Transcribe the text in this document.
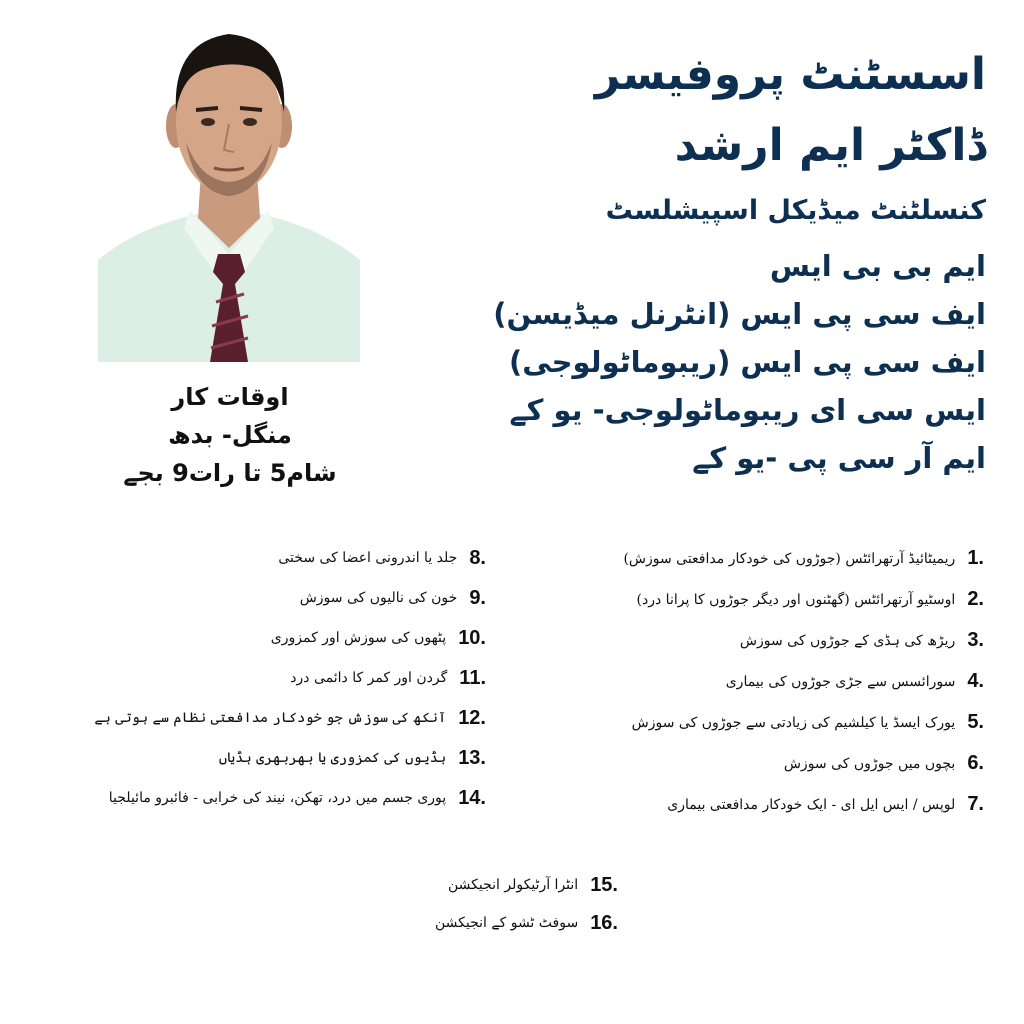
اوقات کار
منگل- بدھ
شام5 تا رات9 بجے
اسسٹنٹ پروفیسر
ڈاکٹر ایم ارشد
کنسلٹنٹ میڈیکل اسپیشلسٹ
ایم بی بی ایس
ایف سی پی ایس (انٹرنل میڈیسن)
ایف سی پی ایس (ریبوماٹولوجی)
ایس سی ای ریبوماٹولوجی- یو کے
ایم آر سی پی -یو کے
1.
ریمیٹائیڈ آرتھرائٹس (جوڑوں کی خودکار مدافعتی سوزش)
2.
اوسٹیو آرتھرائٹس (گھٹنوں اور دیگر جوڑوں کا پرانا درد)
3.
ریڑھ کی ہڈی کے جوڑوں کی سوزش
4.
سورائسس سے جڑی جوڑوں کی بیماری
5.
یورک ایسڈ یا کیلشیم کی زیادتی سے جوڑوں کی سوزش
6.
بچوں میں جوڑوں کی سوزش
7.
لوپس / ایس ایل ای - ایک خودکار مدافعتی بیماری
8.
جلد یا اندرونی اعضا کی سختی
9.
خون کی نالیوں کی سوزش
10.
پٹھوں کی سوزش اور کمزوری
11.
گردن اور کمر کا دائمی درد
12.
آنکھ کی سوزش جو خودکار مدافعتی نظام سے ہوتی ہے
13.
ہڈیوں کی کمزوری یا بھربھری ہڈیاں
14.
پوری جسم میں درد، تھکن، نیند کی خرابی - فائبرو مائیلجیا
15.
انٹرا آرٹیکولر انجیکشن
16.
سوفٹ ٹشو کے انجیکشن
